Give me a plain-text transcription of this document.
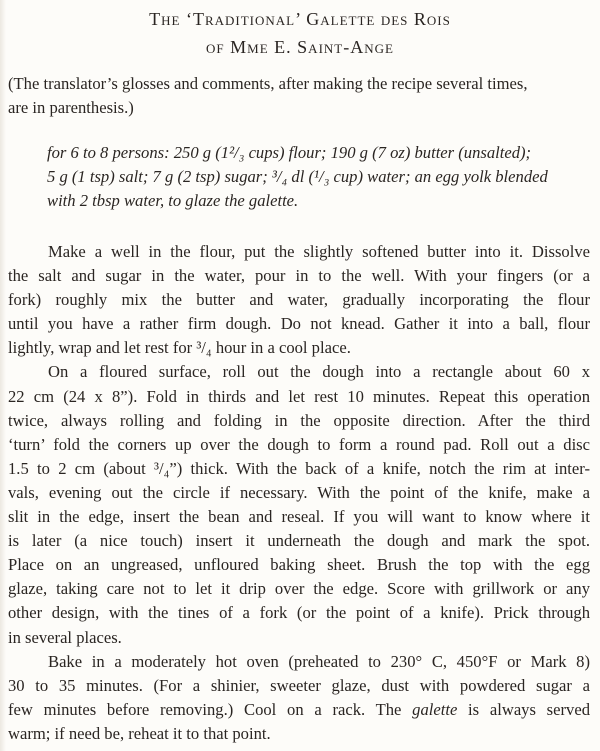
The ‘Traditional’ Galette des Rois
of Mme E. Saint-Ange
(The translator’s glosses and comments, after making the recipe several times,
are in parenthesis.)
for 6 to 8 persons: 250 g (1²/₃ cups) flour; 190 g (7 oz) butter (unsalted);
5 g (1 tsp) salt; 7 g (2 tsp) sugar; ³/₄ dl (¹/₃ cup) water; an egg yolk blended
with 2 tbsp water, to glaze the galette.
Make a well in the flour, put the slightly softened butter into it. Dissolve
the salt and sugar in the water, pour in to the well. With your fingers (or a
fork) roughly mix the butter and water, gradually incorporating the flour
until you have a rather firm dough. Do not knead. Gather it into a ball, flour
lightly, wrap and let rest for ³/₄ hour in a cool place.
On a floured surface, roll out the dough into a rectangle about 60 x
22 cm (24 x 8”). Fold in thirds and let rest 10 minutes. Repeat this operation
twice, always rolling and folding in the opposite direction. After the third
‘turn’ fold the corners up over the dough to form a round pad. Roll out a disc
1.5 to 2 cm (about ³/₄”) thick. With the back of a knife, notch the rim at inter-
vals, evening out the circle if necessary. With the point of the knife, make a
slit in the edge, insert the bean and reseal. If you will want to know where it
is later (a nice touch) insert it underneath the dough and mark the spot.
Place on an ungreased, unfloured baking sheet. Brush the top with the egg
glaze, taking care not to let it drip over the edge. Score with grillwork or any
other design, with the tines of a fork (or the point of a knife). Prick through
in several places.
Bake in a moderately hot oven (preheated to 230° C, 450°F or Mark 8)
30 to 35 minutes. (For a shinier, sweeter glaze, dust with powdered sugar a
few minutes before removing.) Cool on a rack. The galette is always served
warm; if need be, reheat it to that point.
